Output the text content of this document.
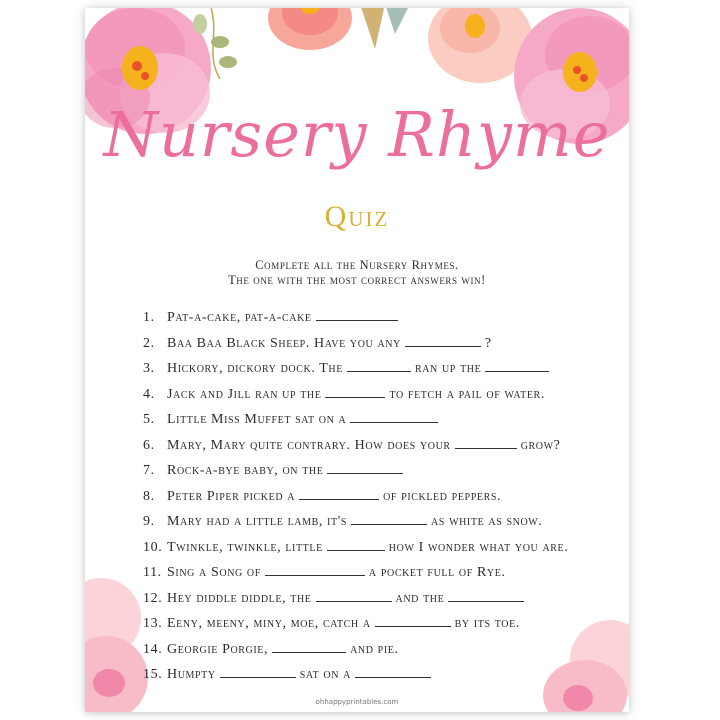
Nursery Rhyme
Quiz
Complete all the Nursery Rhymes.
The one with the most correct answers win!
1. Pat-a-cake, pat-a-cake
2. Baa Baa Black Sheep. Have you any	?
3. Hickory, dickory dock. The	ran up the
4. Jack and Jill ran up the	to fetch a pail of water.
5. Little Miss Muffet sat on a
6. Mary, Mary quite contrary. How does your	grow?
7. Rock-a-bye baby, on the
8. Peter Piper picked a	of pickled peppers.
9. Mary had a little lamb, it's	as white as snow.
10. Twinkle, twinkle, little	how I wonder what you are.
11. Sing a Song of	a pocket full of Rye.
12. Hey diddle diddle, the	and the
13. Eeny, meeny, miny, moe, catch a	by its toe.
14. Georgie Porgie,	and pie.
15. Humpty	sat on a
ohhappyprintables.com
